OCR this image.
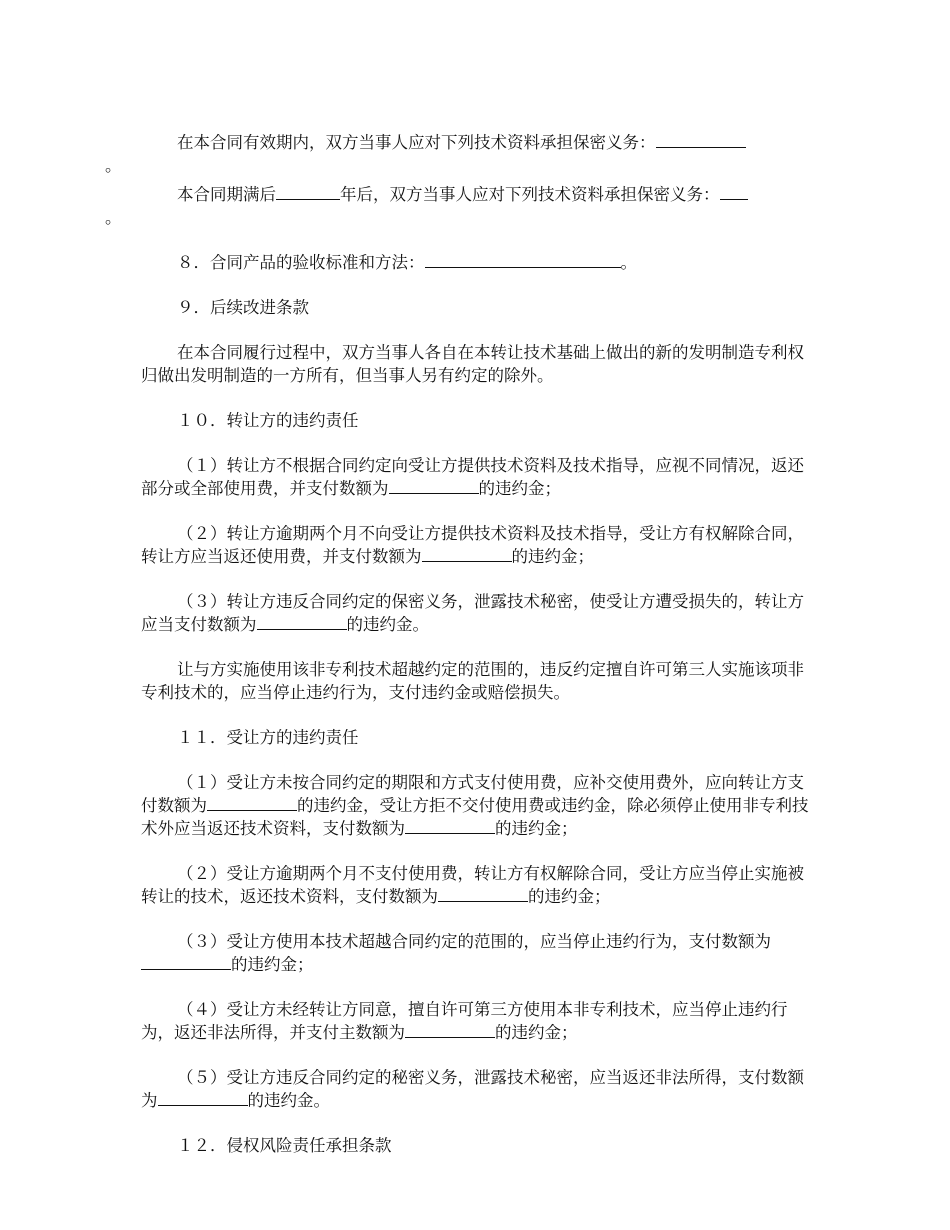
在本合同有效期内，双方当事人应对下列技术资料承担保密义务：
。

本合同期满后	年后，双方当事人应对下列技术资料承担保密义务：
。

８．合同产品的验收标准和方法：	。

９．后续改进条款

在本合同履行过程中，双方当事人各自在本转让技术基础上做出的新的发明制造专利权归做出发明制造的一方所有，但当事人另有约定的除外。

１０．转让方的违约责任

（１）转让方不根据合同约定向受让方提供技术资料及技术指导，应视不同情况，返还部分或全部使用费，并支付数额为	的违约金；

（２）转让方逾期两个月不向受让方提供技术资料及技术指导，受让方有权解除合同，转让方应当返还使用费，并支付数额为	的违约金；

（３）转让方违反合同约定的保密义务，泄露技术秘密，使受让方遭受损失的，转让方应当支付数额为	的违约金。

让与方实施使用该非专利技术超越约定的范围的，违反约定擅自许可第三人实施该项非专利技术的，应当停止违约行为，支付违约金或赔偿损失。

１１．受让方的违约责任

（１）受让方未按合同约定的期限和方式支付使用费，应补交使用费外，应向转让方支付数额为	的违约金，受让方拒不交付使用费或违约金，除必须停止使用非专利技术外应当返还技术资料，支付数额为	的违约金；

（２）受让方逾期两个月不支付使用费，转让方有权解除合同，受让方应当停止实施被转让的技术，返还技术资料，支付数额为	的违约金；

（３）受让方使用本技术超越合同约定的范围的，应当停止违约行为，支付数额为的违约金；

（４）受让方未经转让方同意，擅自许可第三方使用本非专利技术，应当停止违约行为，返还非法所得，并支付主数额为	的违约金；

（５）受让方违反合同约定的秘密义务，泄露技术秘密，应当返还非法所得，支付数额为	的违约金。

１２．侵权风险责任承担条款
